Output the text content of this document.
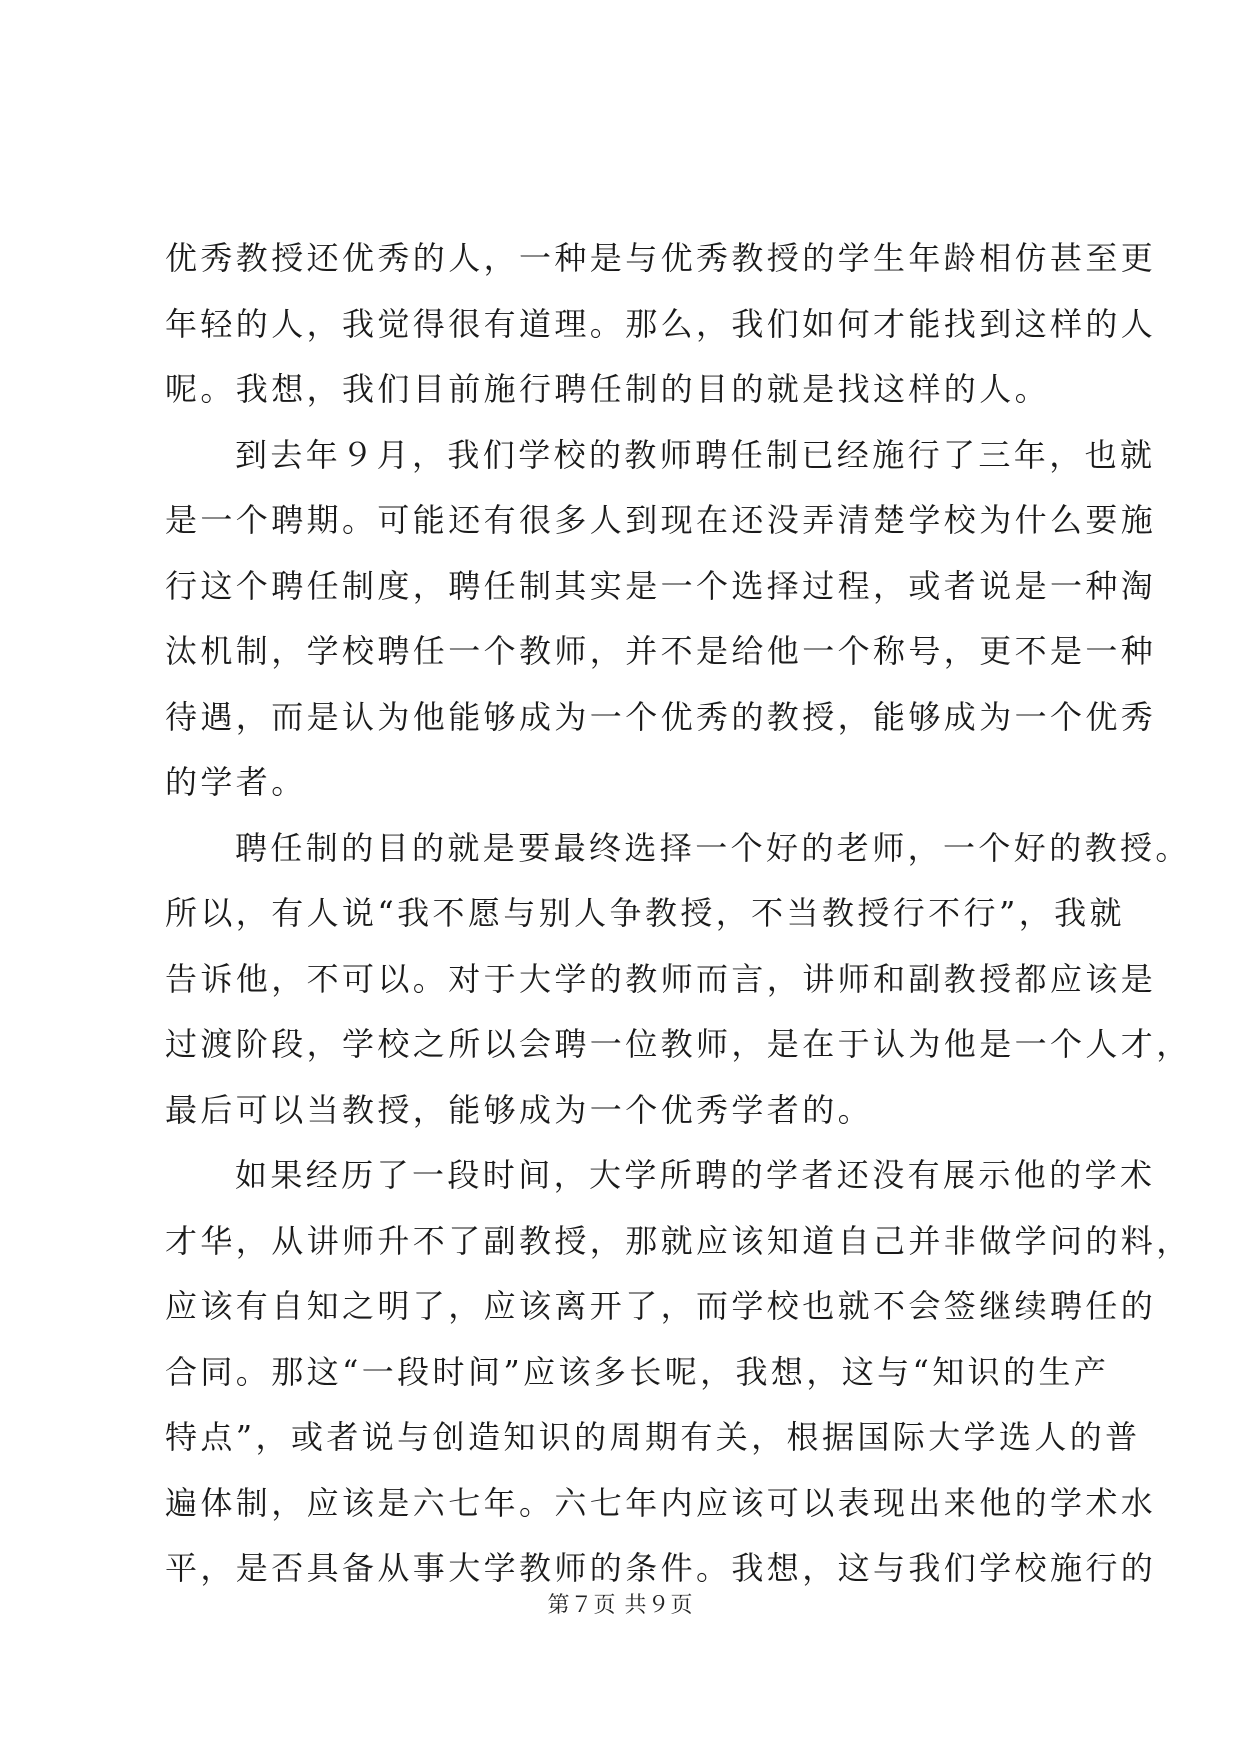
优秀教授还优秀的人，一种是与优秀教授的学生年龄相仿甚至更
年轻的人，我觉得很有道理。那么，我们如何才能找到这样的人
呢。我想，我们目前施行聘任制的目的就是找这样的人。
到去年９月，我们学校的教师聘任制已经施行了三年，也就
是一个聘期。可能还有很多人到现在还没弄清楚学校为什么要施
行这个聘任制度，聘任制其实是一个选择过程，或者说是一种淘
汰机制，学校聘任一个教师，并不是给他一个称号，更不是一种
待遇，而是认为他能够成为一个优秀的教授，能够成为一个优秀
的学者。
聘任制的目的就是要最终选择一个好的老师，一个好的教授。
所以，有人说“我不愿与别人争教授，不当教授行不行”，我就
告诉他，不可以。对于大学的教师而言，讲师和副教授都应该是
过渡阶段，学校之所以会聘一位教师，是在于认为他是一个人才，
最后可以当教授，能够成为一个优秀学者的。
如果经历了一段时间，大学所聘的学者还没有展示他的学术
才华，从讲师升不了副教授，那就应该知道自己并非做学问的料，
应该有自知之明了，应该离开了，而学校也就不会签继续聘任的
合同。那这“一段时间”应该多长呢，我想，这与“知识的生产
特点”，或者说与创造知识的周期有关，根据国际大学选人的普
遍体制，应该是六七年。六七年内应该可以表现出来他的学术水
平，是否具备从事大学教师的条件。我想，这与我们学校施行的
第７页 共９页
